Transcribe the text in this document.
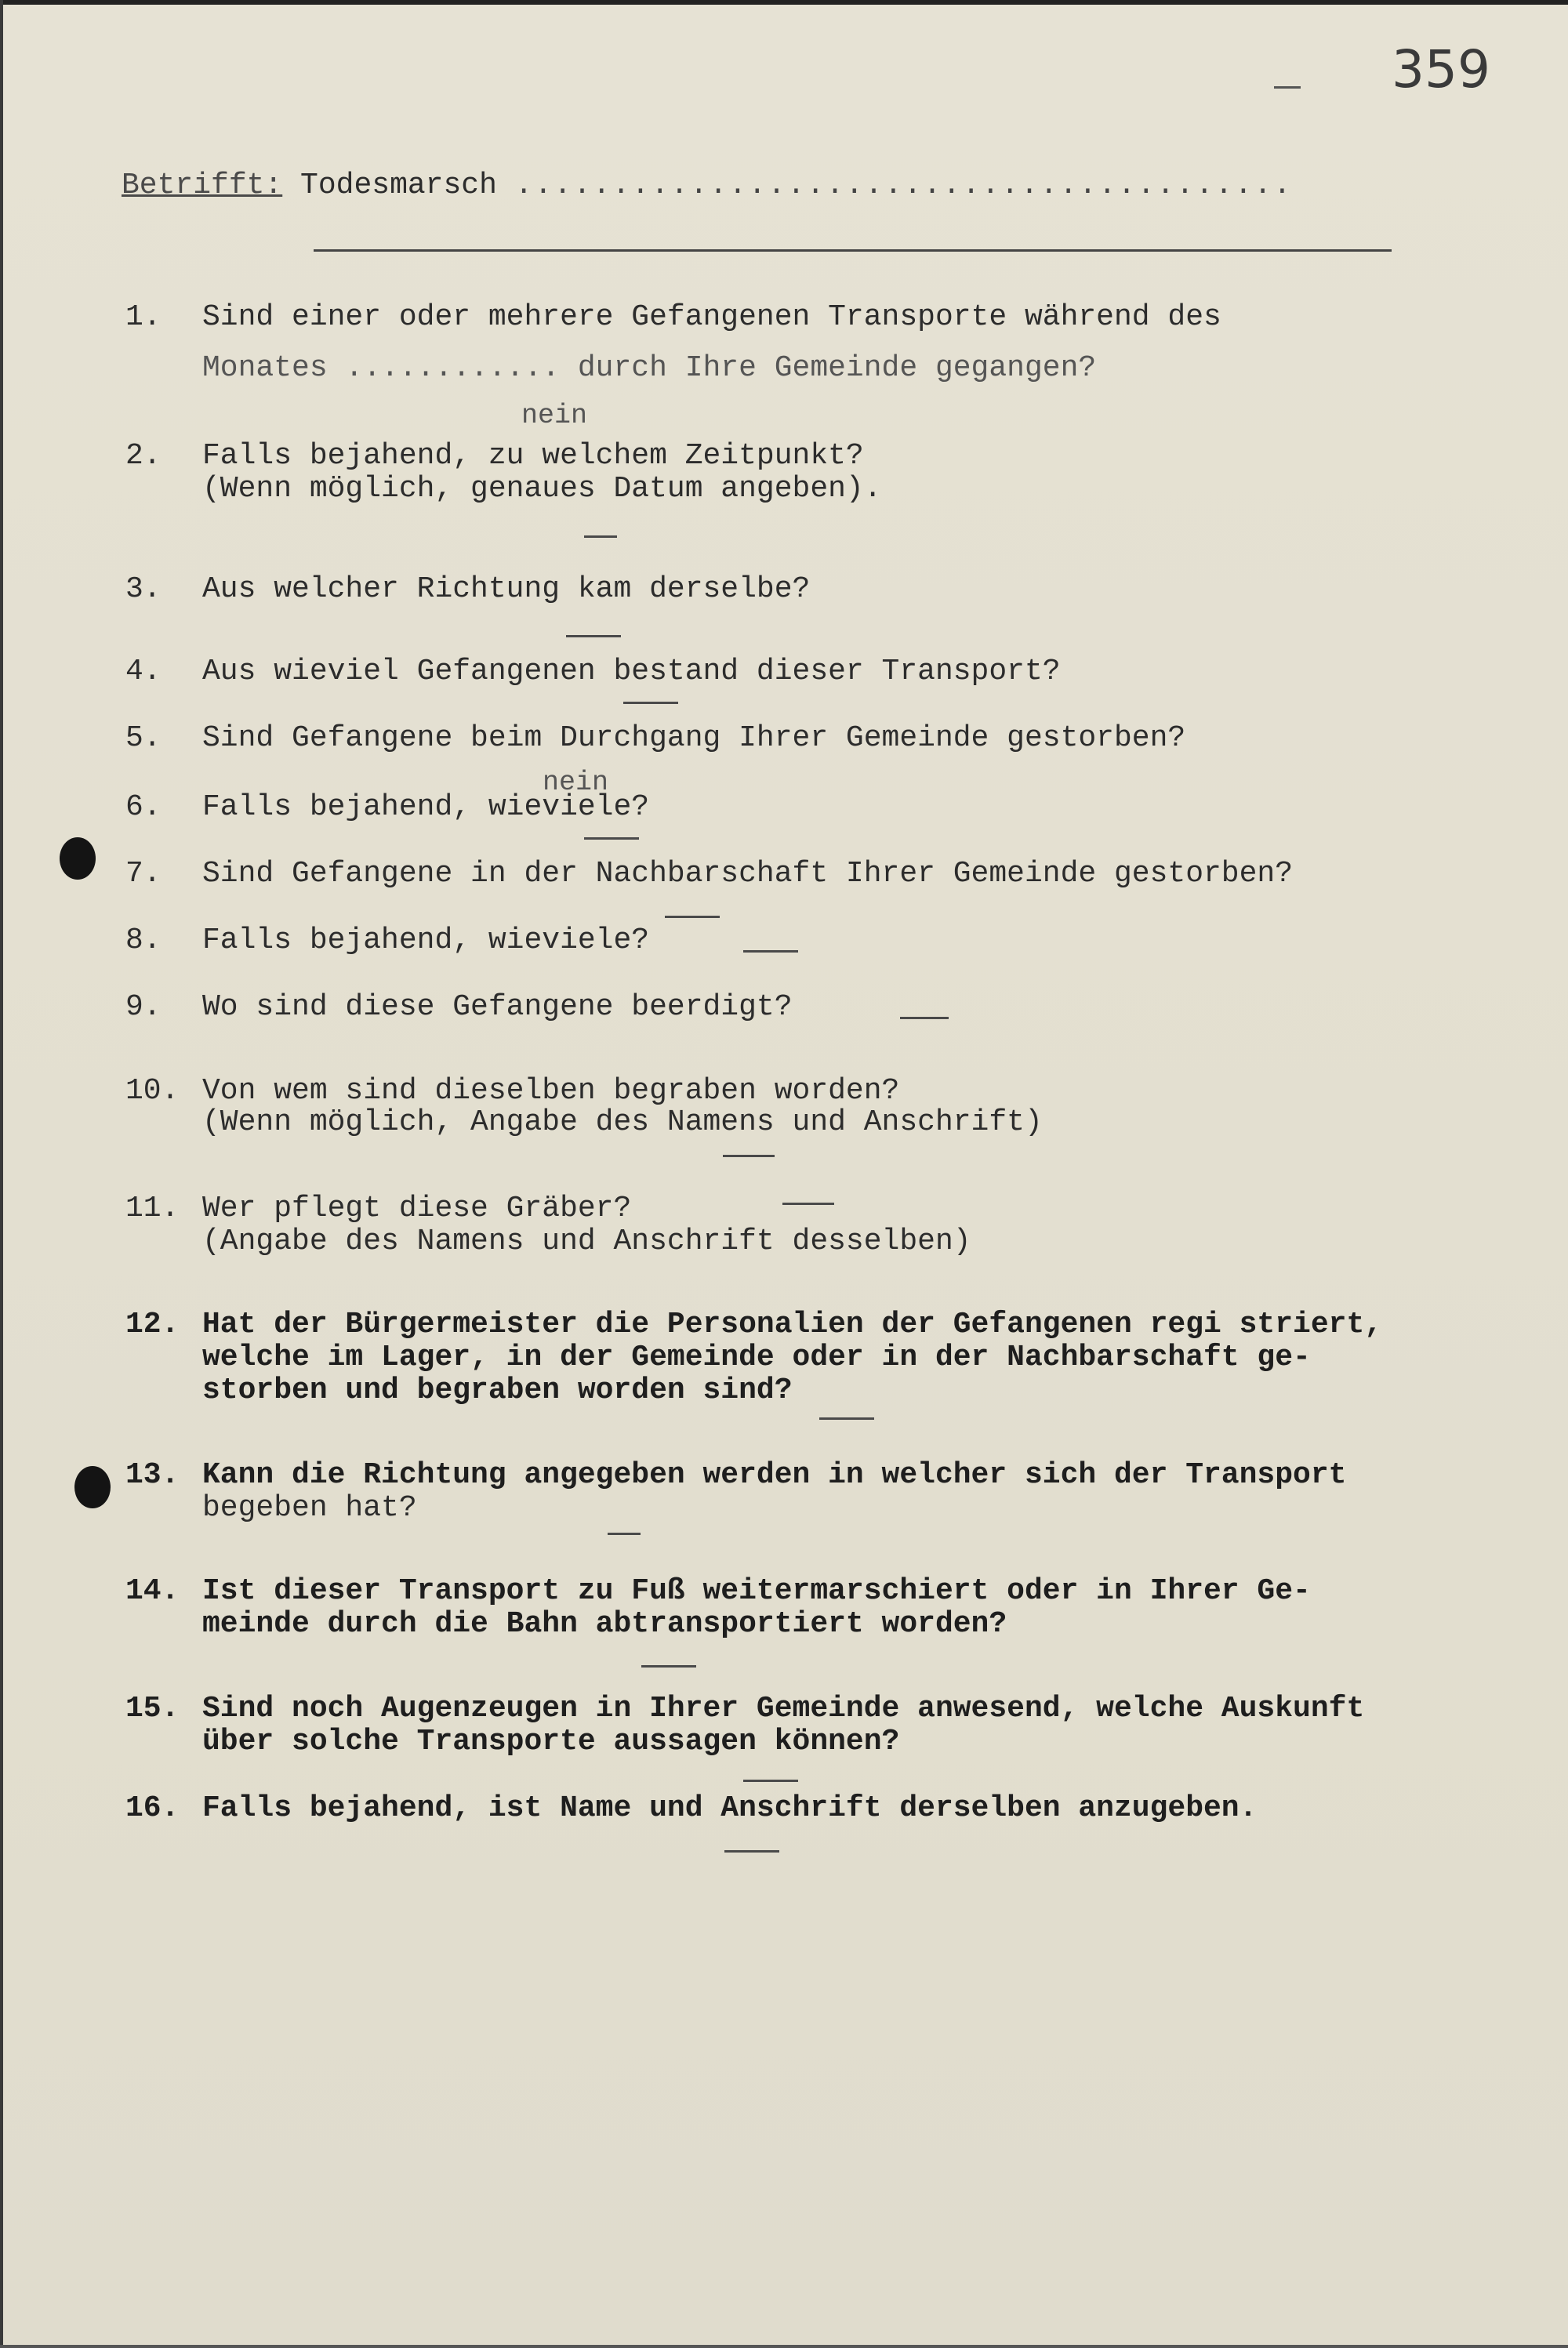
359
Betrifft: Todesmarsch ........................................
1. Sind einer oder mehrere Gefangenen Transporte während des
Monates ............ durch Ihre Gemeinde gegangen?
nein
2. Falls bejahend, zu welchem Zeitpunkt?
(Wenn möglich, genaues Datum angeben).
3. Aus welcher Richtung kam derselbe?
4. Aus wieviel Gefangenen bestand dieser Transport?
5. Sind Gefangene beim Durchgang Ihrer Gemeinde gestorben?
nein
6. Falls bejahend, wieviele?
7. Sind Gefangene in der Nachbarschaft Ihrer Gemeinde gestorben?
8. Falls bejahend, wieviele?
9. Wo sind diese Gefangene beerdigt?
10. Von wem sind dieselben begraben worden?
(Wenn möglich, Angabe des Namens und Anschrift)
11. Wer pflegt diese Gräber?
(Angabe des Namens und Anschrift desselben)
12. Hat der Bürgermeister die Personalien der Gefangenen regi striert,
welche im Lager, in der Gemeinde oder in der Nachbarschaft ge-
storben und begraben worden sind?
13. Kann die Richtung angegeben werden in welcher sich der Transport
begeben hat?
14. Ist dieser Transport zu Fuß weitermarschiert oder in Ihrer Ge-
meinde durch die Bahn abtransportiert worden?
15. Sind noch Augenzeugen in Ihrer Gemeinde anwesend, welche Auskunft
über solche Transporte aussagen können?
16. Falls bejahend, ist Name und Anschrift derselben anzugeben.
